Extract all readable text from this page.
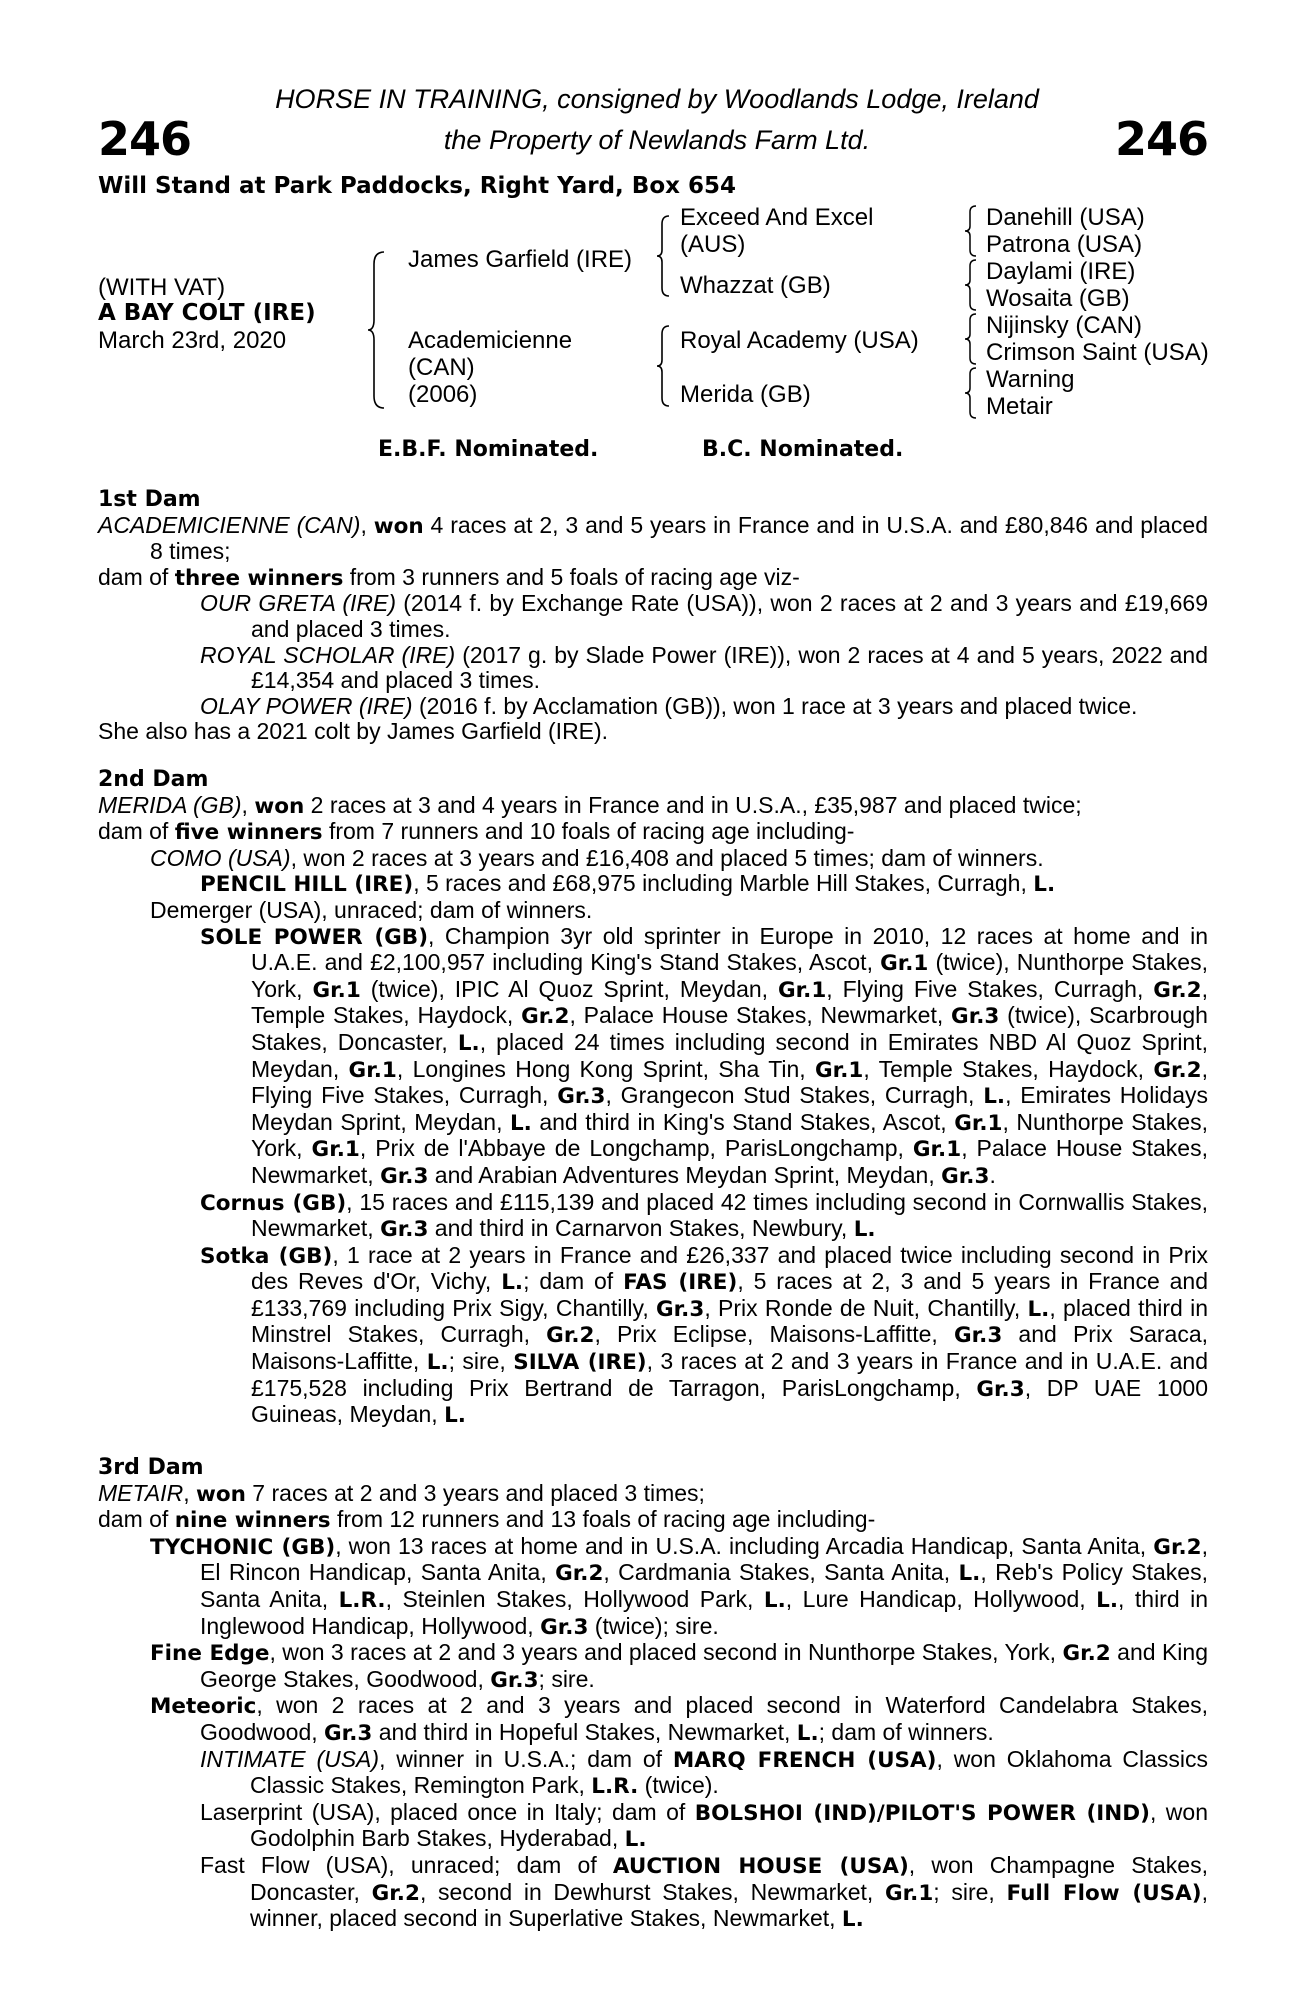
246	246
HORSE IN TRAINING, consigned by Woodlands Lodge, Ireland
the Property of Newlands Farm Ltd.
Will Stand at Park Paddocks, Right Yard, Box 654
(WITH VAT)
A BAY COLT (IRE)
March 23rd, 2020
James Garfield (IRE)
Academicienne
(CAN)
(2006)
Exceed And Excel
(AUS)
Whazzat (GB)
Royal Academy (USA)
Merida (GB)
Danehill (USA)
Patrona (USA)
Daylami (IRE)
Wosaita (GB)
Nijinsky (CAN)
Crimson Saint (USA)
Warning
Metair
E.B.F. Nominated.	B.C. Nominated.

1st Dam

ACADEMICIENNE (CAN), won 4 races at 2, 3 and 5 years in France and in U.S.A. and £80,846 and placed 8 times;

dam of three winners from 3 runners and 5 foals of racing age viz-

OUR GRETA (IRE) (2014 f. by Exchange Rate (USA)), won 2 races at 2 and 3 years and £19,669 and placed 3 times.

ROYAL SCHOLAR (IRE) (2017 g. by Slade Power (IRE)), won 2 races at 4 and 5 years, 2022 and £14,354 and placed 3 times.

OLAY POWER (IRE) (2016 f. by Acclamation (GB)), won 1 race at 3 years and placed twice.

She also has a 2021 colt by James Garfield (IRE).

2nd Dam

MERIDA (GB), won 2 races at 3 and 4 years in France and in U.S.A., £35,987 and placed twice;

dam of five winners from 7 runners and 10 foals of racing age including-

COMO (USA), won 2 races at 3 years and £16,408 and placed 5 times; dam of winners.

PENCIL HILL (IRE), 5 races and £68,975 including Marble Hill Stakes, Curragh, L.

Demerger (USA), unraced; dam of winners.

SOLE POWER (GB), Champion 3yr old sprinter in Europe in 2010, 12 races at home and in U.A.E. and £2,100,957 including King's Stand Stakes, Ascot, Gr.1 (twice), Nunthorpe Stakes, York, Gr.1 (twice), IPIC Al Quoz Sprint, Meydan, Gr.1, Flying Five Stakes, Curragh, Gr.2, Temple Stakes, Haydock, Gr.2, Palace House Stakes, Newmarket, Gr.3 (twice), Scarbrough Stakes, Doncaster, L., placed 24 times including second in Emirates NBD Al Quoz Sprint, Meydan, Gr.1, Longines Hong Kong Sprint, Sha Tin, Gr.1, Temple Stakes, Haydock, Gr.2, Flying Five Stakes, Curragh, Gr.3, Grangecon Stud Stakes, Curragh, L., Emirates Holidays Meydan Sprint, Meydan, L. and third in King's Stand Stakes, Ascot, Gr.1, Nunthorpe Stakes, York, Gr.1, Prix de l'Abbaye de Longchamp, ParisLongchamp, Gr.1, Palace House Stakes, Newmarket, Gr.3 and Arabian Adventures Meydan Sprint, Meydan, Gr.3.

Cornus (GB), 15 races and £115,139 and placed 42 times including second in Cornwallis Stakes, Newmarket, Gr.3 and third in Carnarvon Stakes, Newbury, L.

Sotka (GB), 1 race at 2 years in France and £26,337 and placed twice including second in Prix des Reves d'Or, Vichy, L.; dam of FAS (IRE), 5 races at 2, 3 and 5 years in France and £133,769 including Prix Sigy, Chantilly, Gr.3, Prix Ronde de Nuit, Chantilly, L., placed third in Minstrel Stakes, Curragh, Gr.2, Prix Eclipse, Maisons-Laffitte, Gr.3 and Prix Saraca, Maisons-Laffitte, L.; sire, SILVA (IRE), 3 races at 2 and 3 years in France and in U.A.E. and £175,528 including Prix Bertrand de Tarragon, ParisLongchamp, Gr.3, DP UAE 1000 Guineas, Meydan, L.

3rd Dam

METAIR, won 7 races at 2 and 3 years and placed 3 times;

dam of nine winners from 12 runners and 13 foals of racing age including-

TYCHONIC (GB), won 13 races at home and in U.S.A. including Arcadia Handicap, Santa Anita, Gr.2, El Rincon Handicap, Santa Anita, Gr.2, Cardmania Stakes, Santa Anita, L., Reb's Policy Stakes, Santa Anita, L.R., Steinlen Stakes, Hollywood Park, L., Lure Handicap, Hollywood, L., third in Inglewood Handicap, Hollywood, Gr.3 (twice); sire.

Fine Edge, won 3 races at 2 and 3 years and placed second in Nunthorpe Stakes, York, Gr.2 and King George Stakes, Goodwood, Gr.3; sire.

Meteoric, won 2 races at 2 and 3 years and placed second in Waterford Candelabra Stakes, Goodwood, Gr.3 and third in Hopeful Stakes, Newmarket, L.; dam of winners.

INTIMATE (USA), winner in U.S.A.; dam of MARQ FRENCH (USA), won Oklahoma Classics Classic Stakes, Remington Park, L.R. (twice).

Laserprint (USA), placed once in Italy; dam of BOLSHOI (IND)/PILOT'S POWER (IND), won Godolphin Barb Stakes, Hyderabad, L.

Fast Flow (USA), unraced; dam of AUCTION HOUSE (USA), won Champagne Stakes, Doncaster, Gr.2, second in Dewhurst Stakes, Newmarket, Gr.1; sire, Full Flow (USA), winner, placed second in Superlative Stakes, Newmarket, L.
